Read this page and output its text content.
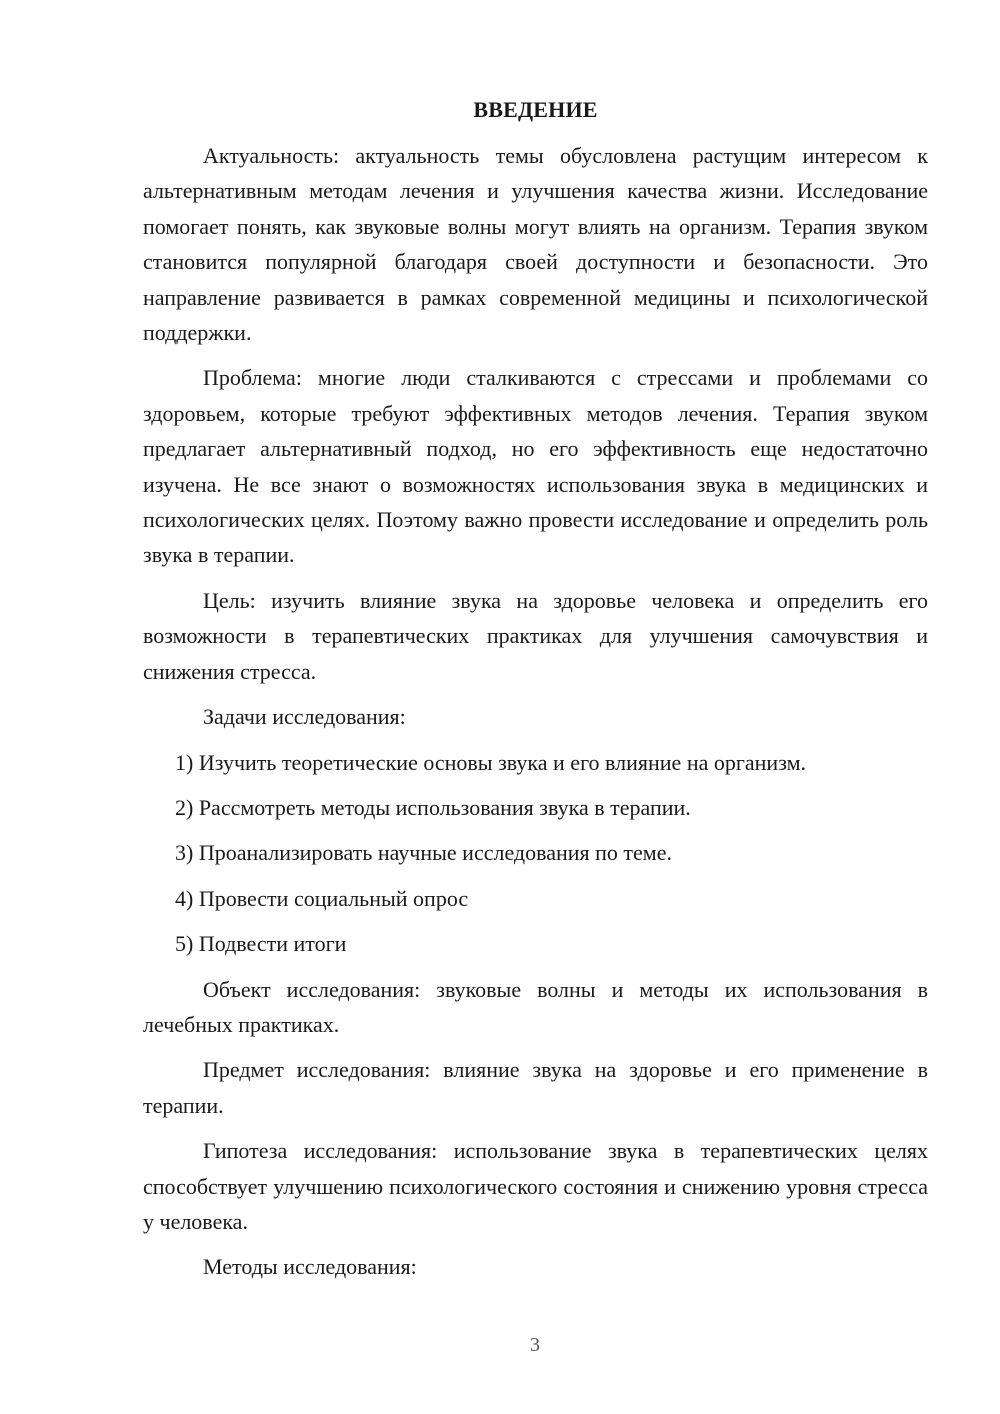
ВВЕДЕНИЕ

Актуальность: актуальность темы обусловлена растущим интересом к альтернативным методам лечения и улучшения качества жизни. Исследование помогает понять, как звуковые волны могут влиять на организм. Терапия звуком становится популярной благодаря своей доступности и безопасности. Это направление развивается в рамках современной медицины и психологической поддержки.

Проблема: многие люди сталкиваются с стрессами и проблемами со здоровьем, которые требуют эффективных методов лечения. Терапия звуком предлагает альтернативный подход, но его эффективность еще недостаточно изучена. Не все знают о возможностях использования звука в медицинских и психологических целях. Поэтому важно провести исследование и определить роль звука в терапии.

Цель: изучить влияние звука на здоровье человека и определить его возможности в терапевтических практиках для улучшения самочувствия и снижения стресса.

Задачи исследования:

1) Изучить теоретические основы звука и его влияние на организм.
2) Рассмотреть методы использования звука в терапии.
3) Проанализировать научные исследования по теме.
4) Провести социальный опрос
5) Подвести итоги

Объект исследования: звуковые волны и методы их использования в лечебных практиках.

Предмет исследования: влияние звука на здоровье и его применение в терапии.

Гипотеза исследования: использование звука в терапевтических целях способствует улучшению психологического состояния и снижению уровня стресса у человека.

Методы исследования:

3
